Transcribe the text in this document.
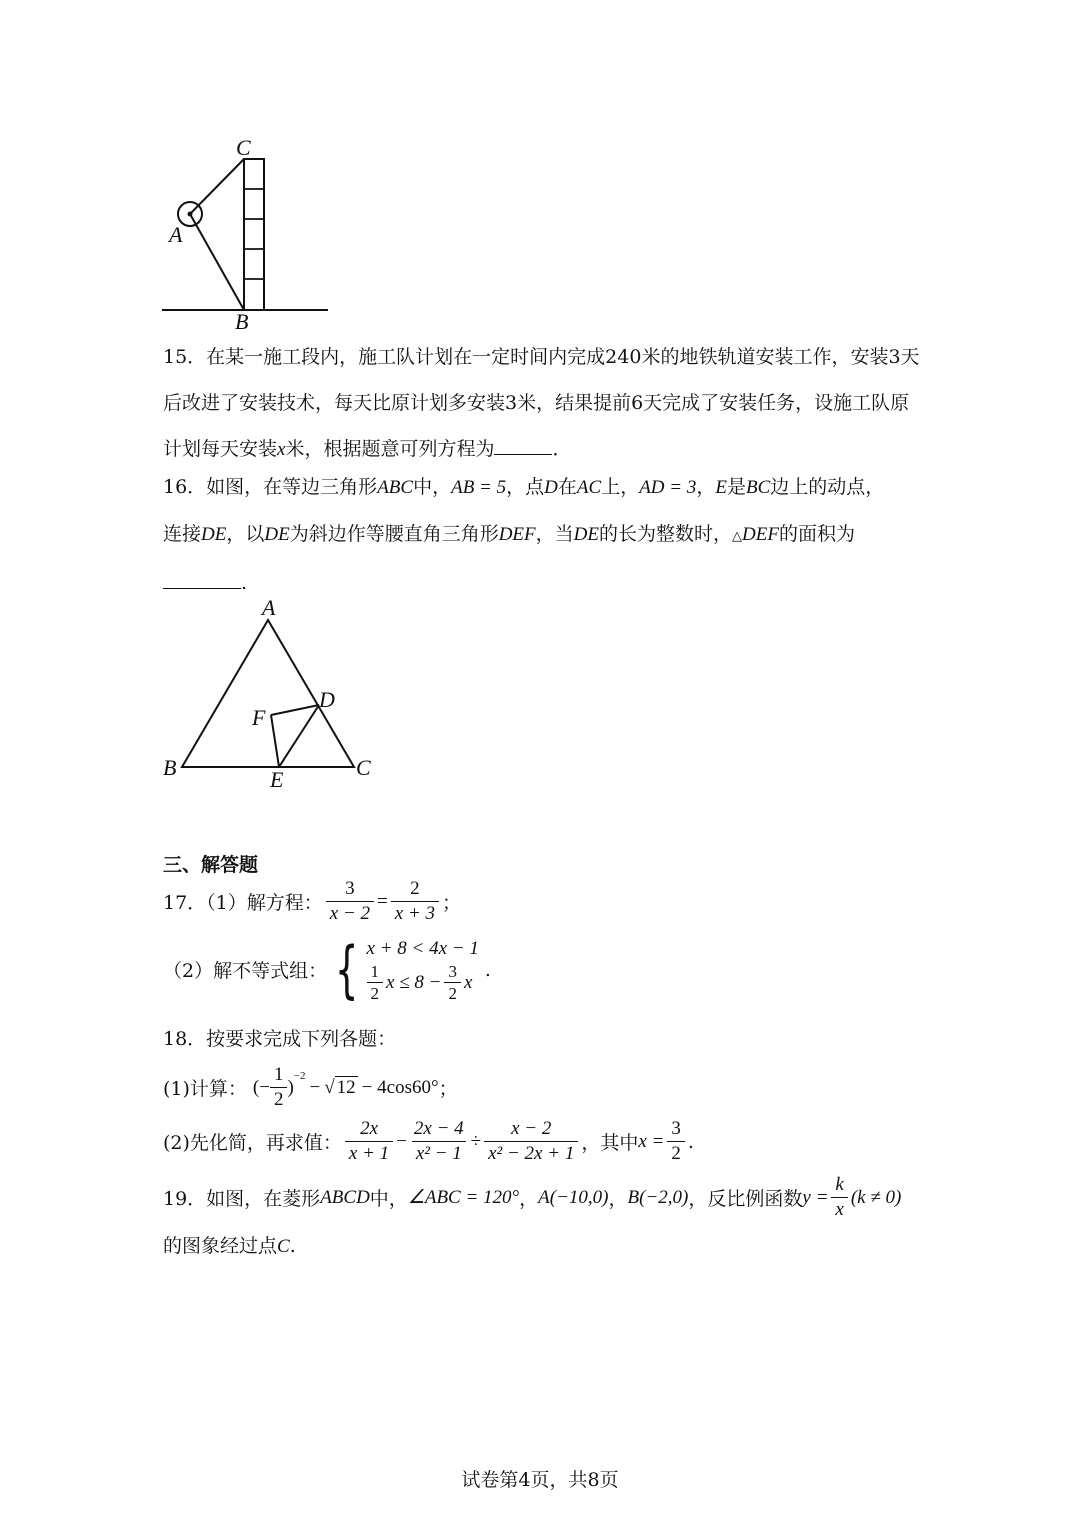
C
A
B
15．在某一施工段内，施工队计划在一定时间内完成240米的地铁轨道安装工作，安装3天
后改进了安装技术，每天比原计划多安装3米，结果提前6天完成了安装任务，设施工队原
计划每天安装x米，根据题意可列方程为	．
16．如图，在等边三角形ABC中，AB = 5，点D在AC上，AD = 3，E是BC边上的动点，
连接DE，以DE为斜边作等腰直角三角形DEF，当DE的长为整数时，△DEF的面积为
.
A
B	C
D
E
F
三、解答题
17．（1）解方程： $\frac{3}{x - 2} = \frac{2}{x + 3}$ ；
（2）解不等式组： { x + 8 < 4x − 1
$\frac{1}{2}$ $x \le 8 - \frac{3}{2}$ x
.
18．按要求完成下列各题：
(1)计算： (− $\frac{1}{2}$ )
$^{-2}$
− √ 12 − 4cos60° ；
(2)先化简，再求值： $\frac{2x}{x + 1} - \frac{2x - 4}{\text{x² − 1}} \div \frac{x - 2}{\text{x² − 2x + 1}}$ ，其中 $x = \frac{3}{2}$ .
19．如图，在菱形 ABCD 中， ∠ABC = 120° ， A(−10,0) ， B(−2,0) ，反比例函数 $y = \frac{k}{x} (k \ne 0)$
的图象经过点C.
试卷第4页，共8页
